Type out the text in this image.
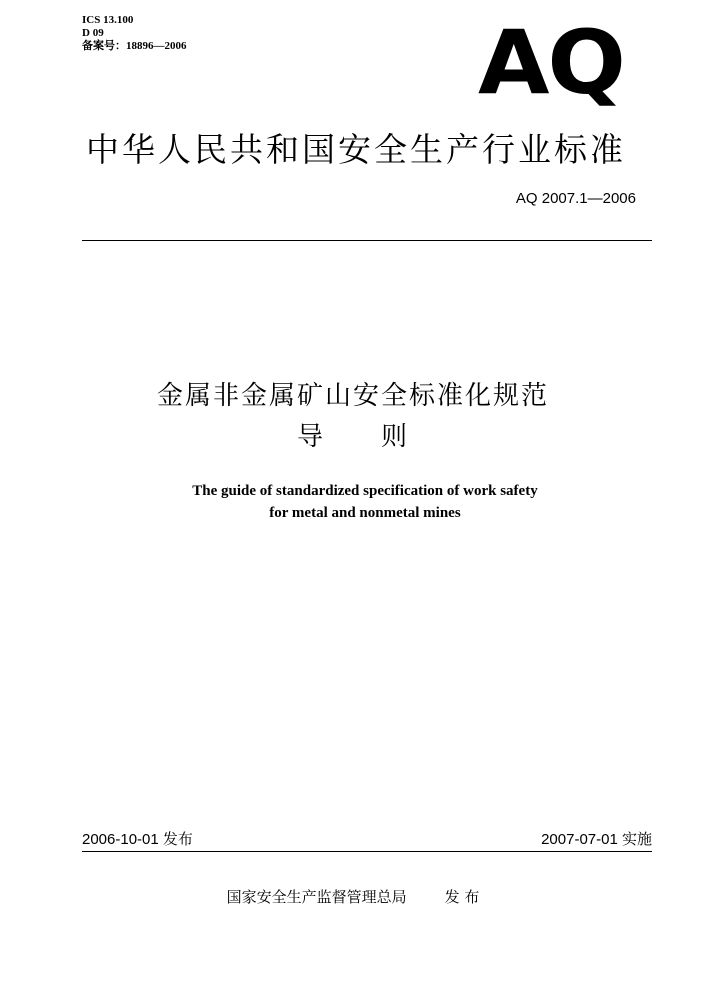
ICS 13.100
D 09
备案号：18896—2006	AQ
中华人民共和国安全生产行业标准
AQ 2007.1—2006
金属非金属矿山安全标准化规范
导　　则
The guide of standardized specification of work safety
for metal and nonmetal mines
2006-10-01 发布	2007-07-01 实施
国家安全生产监督管理总局	发 布
